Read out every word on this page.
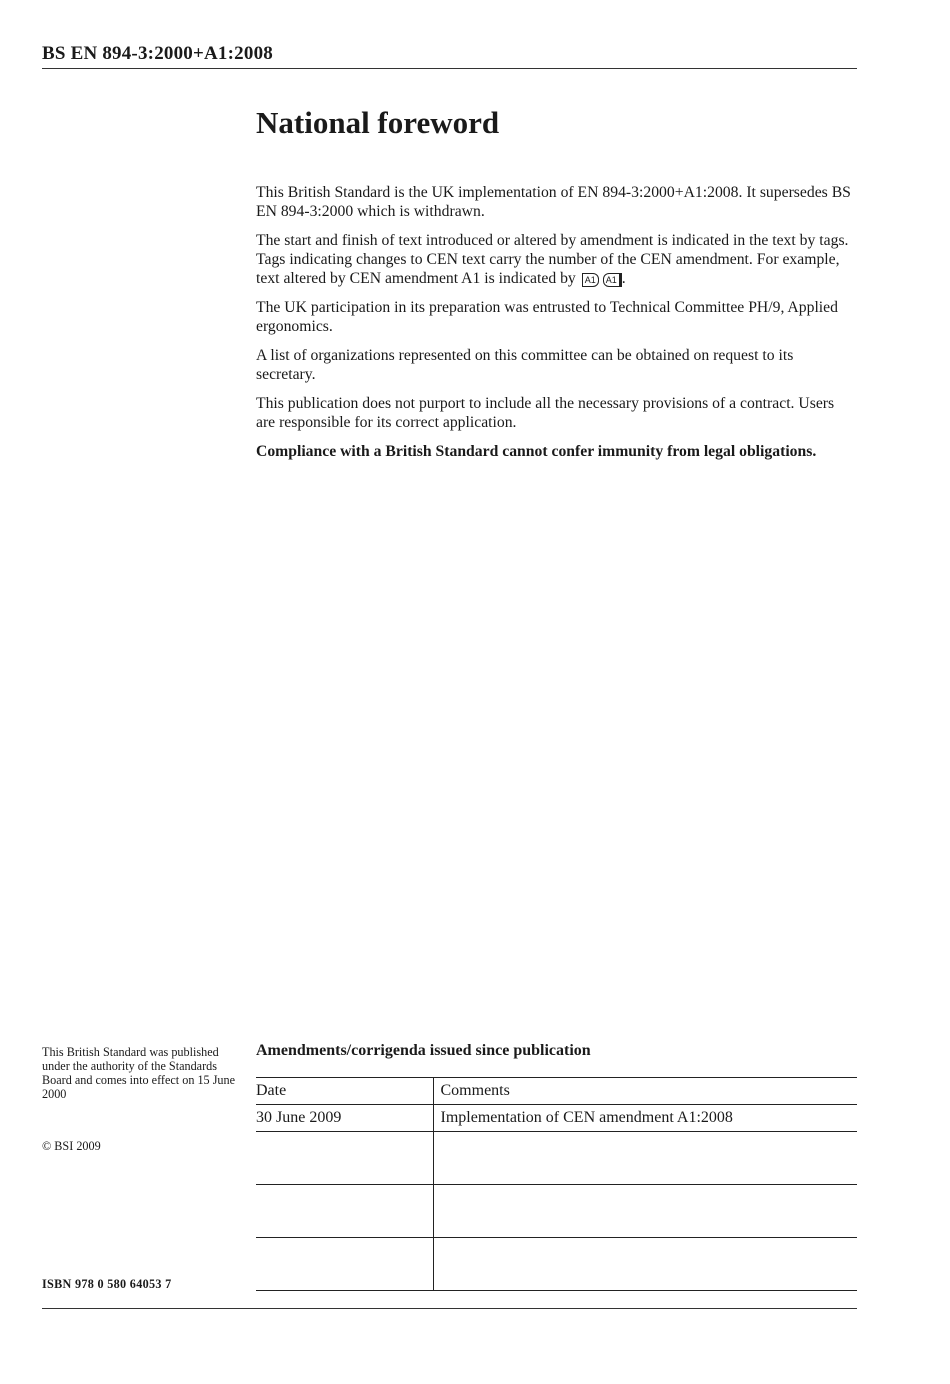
BS EN 894-3:2000+A1:2008
National foreword

This British Standard is the UK implementation of EN 894-3:2000+A1:2008. It supersedes BS EN 894-3:2000 which is withdrawn.

The start and finish of text introduced or altered by amendment is indicated in the text by tags. Tags indicating changes to CEN text carry the number of the CEN amendment. For example, text altered by CEN amendment A1 is indicated by A1 A1 .

The UK participation in its preparation was entrusted to Technical Committee PH/9, Applied ergonomics.

A list of organizations represented on this committee can be obtained on request to its secretary.

This publication does not purport to include all the necessary provisions of a contract. Users are responsible for its correct application.

Compliance with a British Standard cannot confer immunity from legal obligations.

This British Standard was published under the authority of the Standards Board and comes into effect on 15 June 2000
© BSI 2009
ISBN 978 0 580 64053 7
Amendments/corrigenda issued since publication
Date	Comments
30 June 2009	Implementation of CEN amendment A1:2008
